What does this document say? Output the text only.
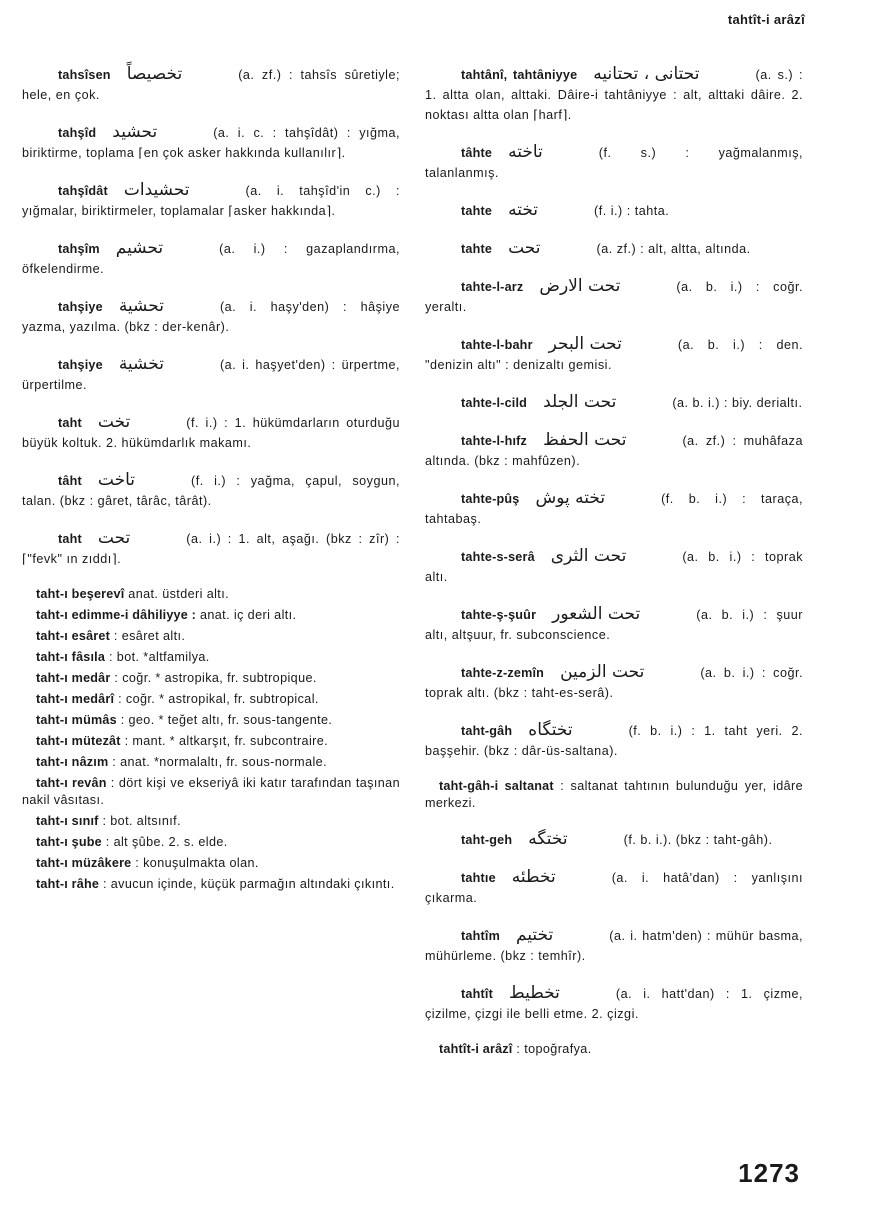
tahtît-i arâzî
tahsîsen تخصيصاً	(a. zf.) : tahsîs sûretiyle; hele, en çok.
tahşîd تحشيد	(a. i. c. : tahşîdât) : yığma, biriktirme, toplama ⌈en çok asker hakkında kullanılır⌉.
tahşîdât تحشيدات	(a. i. tahşîd'in c.) : yığmalar, biriktirmeler, toplamalar ⌈asker hakkında⌉.
tahşîm تحشيم	(a. i.) : gazaplandırma, öfkelendirme.
tahşiye تحشية	(a. i. haşy'den) : hâşiye yazma, yazılma. (bkz : der-kenâr).
tahşiye تخشية	(a. i. haşyet'den) : ürpertme, ürpertilme.
taht تخت	(f. i.) : 1. hükümdarların oturduğu büyük koltuk. 2. hükümdarlık makamı.
tâht تاخت	(f. i.) : yağma, çapul, soygun, talan. (bkz : gâret, târâc, târât).
taht تحت	(a. i.) : 1. alt, aşağı. (bkz : zîr) : ⌈"fevk" ın zıddı⌉.
taht-ı beşerevî anat. üstderi altı.
taht-ı edimme-i dâhiliyye : anat. iç deri altı.
taht-ı esâret : esâret altı.
taht-ı fâsıla : bot. *altfamilya.
taht-ı medâr : coğr. * astropika, fr. subtropique.
taht-ı medârî : coğr. * astropikal, fr. subtropical.
taht-ı mümâs : geo. * teğet altı, fr. sous-tangente.
taht-ı mütezât : mant. * altkarşıt, fr. subcontraire.
taht-ı nâzım : anat. *normalaltı, fr. sous-normale.
taht-ı revân : dört kişi ve ekseriyâ iki katır tarafından taşınan nakil vâsıtası.
taht-ı sınıf : bot. altsınıf.
taht-ı şube : alt şûbe. 2. s. elde.
taht-ı müzâkere : konuşulmakta olan.
taht-ı râhe : avucun içinde, küçük parmağın altındaki çıkıntı.
tahtânî, tahtâniyye تحتانی ، تحتانیه	(a. s.) : 1. altta olan, alttaki. Dâire-i tahtâniyye : alt, alttaki dâire. 2. noktası altta olan ⌈harf⌉.
tâhte تاخته	(f. s.) : yağmalanmış, talanlanmış.
tahte تخته	(f. i.) : tahta.
tahte تحت	(a. zf.) : alt, altta, altında.
tahte-l-arz تحت الارض	(a. b. i.) : coğr. yeraltı.
tahte-l-bahr تحت البحر	(a. b. i.) : den. "denizin altı" : denizaltı gemisi.
tahte-l-cild تحت الجلد	(a. b. i.) : biy. derialtı.
tahte-l-hıfz تحت الحفظ	(a. zf.) : muhâfaza altında. (bkz : mahfûzen).
tahte-pûş تخته پوش	(f. b. i.) : taraça, tahtabaş.
tahte-s-serâ تحت الثری	(a. b. i.) : toprak altı.
tahte-ş-şuûr تحت الشعور	(a. b. i.) : şuur altı, altşuur, fr. subconscience.
tahte-z-zemîn تحت الزمین	(a. b. i.) : coğr. toprak altı. (bkz : taht-es-serâ).
taht-gâh تختگاه	(f. b. i.) : 1. taht yeri. 2. başşehir. (bkz : dâr-üs-saltana).
taht-gâh-i saltanat : saltanat tahtının bulunduğu yer, idâre merkezi.
taht-geh تختگه	(f. b. i.). (bkz : taht-gâh).
tahtıe تخطئه	(a. i. hatâ'dan) : yanlışını çıkarma.
tahtîm تختیم	(a. i. hatm'den) : mühür basma, mühürleme. (bkz : temhîr).
tahtît تخطیط	(a. i. hatt'dan) : 1. çizme, çizilme, çizgi ile belli etme. 2. çizgi.
tahtît-i arâzî : topoğrafya.
1273
